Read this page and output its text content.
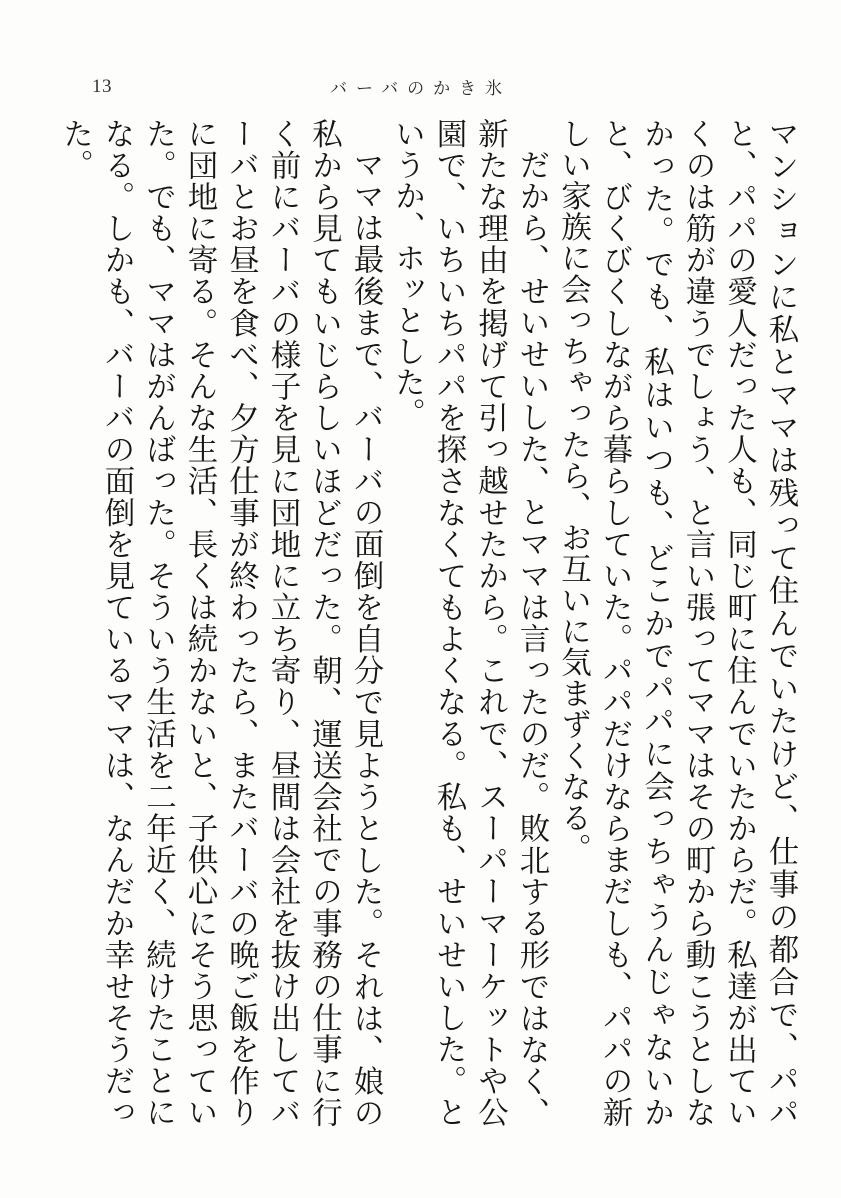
13	バーバのかき氷

マンションに私とママは残って住んでいたけど、仕事の都合で、パパと、パパの愛人だった人も、同じ町に住んでいたからだ。私達が出ていくのは筋が違うでしょう、と言い張ってママはその町から動こうとしなかった。でも、私はいつも、どこかでパパに会っちゃうんじゃないかと、びくびくしながら暮らしていた。パパだけならまだしも、パパの新しい家族に会っちゃったら、お互いに気まずくなる。

だから、せいせいした、とママは言ったのだ。敗北する形ではなく、新たな理由を掲げて引っ越せたから。これで、スーパーマーケットや公園で、いちいちパパを探さなくてもよくなる。私も、せいせいした。というか、ホッとした。

ママは最後まで、バーバの面倒を自分で見ようとした。それは、娘の私から見てもいじらしいほどだった。朝、運送会社での事務の仕事に行く前にバーバの様子を見に団地に立ち寄り、昼間は会社を抜け出してバーバとお昼を食べ、夕方仕事が終わったら、またバーバの晩ご飯を作りに団地に寄る。そんな生活、長くは続かないと、子供心にそう思っていた。でも、ママはがんばった。そういう生活を二年近く、続けたことになる。しかも、バーバの面倒を見ているママは、なんだか幸せそうだった。
